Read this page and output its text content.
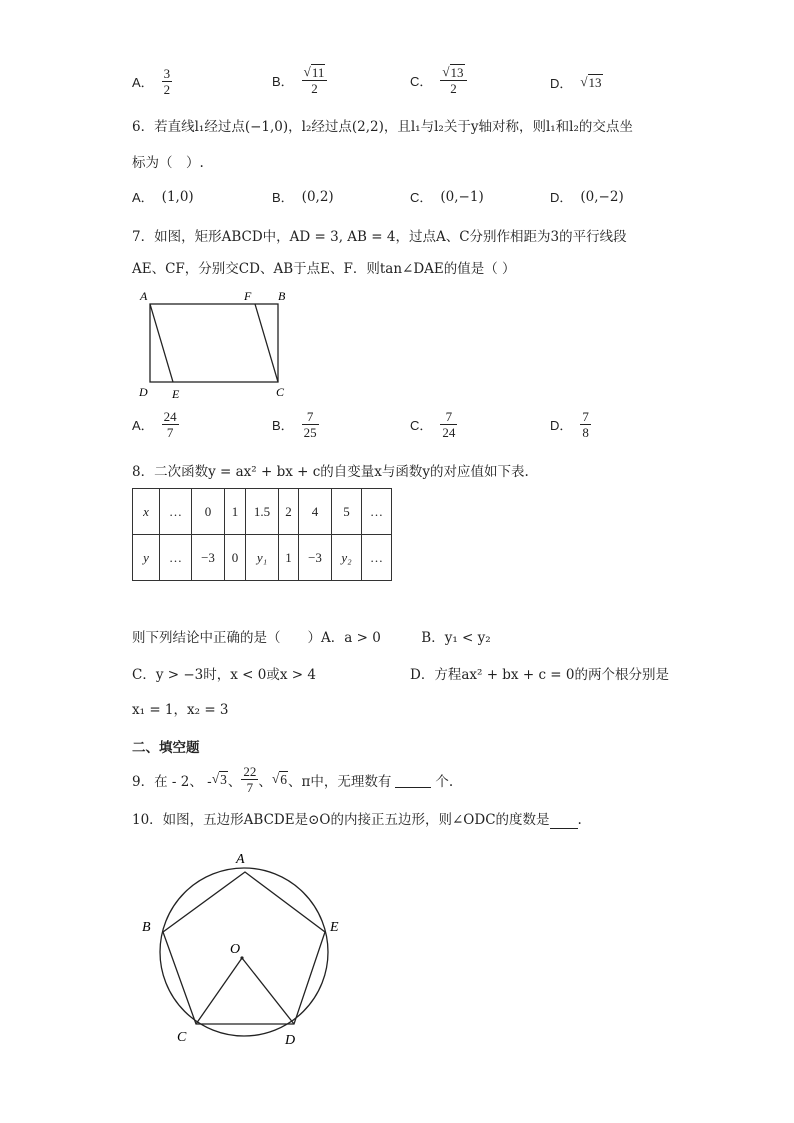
A． $\frac{3}{2}$	B． $\frac{√ 11}{2}$	C． $\frac{√ 13}{2}$	D． √ 13
6．若直线l₁经过点(−1,0)，l₂经过点(2,2)，且l₁与l₂关于y轴对称，则l₁和l₂的交点坐
标为（　）.
A． (1,0)	B． (0,2)	C． (0,−1)	D． (0,−2)
7．如图，矩形ABCD中，AD = 3, AB = 4，过点A、C分别作相距为3的平行线段
AE、CF，分别交CD、AB于点E、F．则tan∠DAE的值是（ ）
A	F B
D E	C
A． $\frac{24}{7}$	B． $\frac{7}{25}$	C． $\frac{7}{24}$	D． $\frac{7}{8}$
8．二次函数y = ax² + bx + c的自变量x与函数y的对应值如下表.
x	…	0	1	1.5	2	4	5	…
y	…	−3	0	y₁	1	−3	y₂	…
则下列结论中正确的是（　　）A．a > 0　　　B．y₁ < y₂
C．y > −3时，x < 0或x > 4	D．方程ax² + bx + c = 0的两个根分别是
x₁ = 1，x₂ = 3
二、填空题
9．在 - 2、 - √ 3 、 $\frac{22}{7}$ 、 √ 6 、π中，无理数有
	个.
10．如图，五边形ABCDE是⊙O的内接正五边形，则∠ODC的度数是
.
A
B	E
O
C	D
